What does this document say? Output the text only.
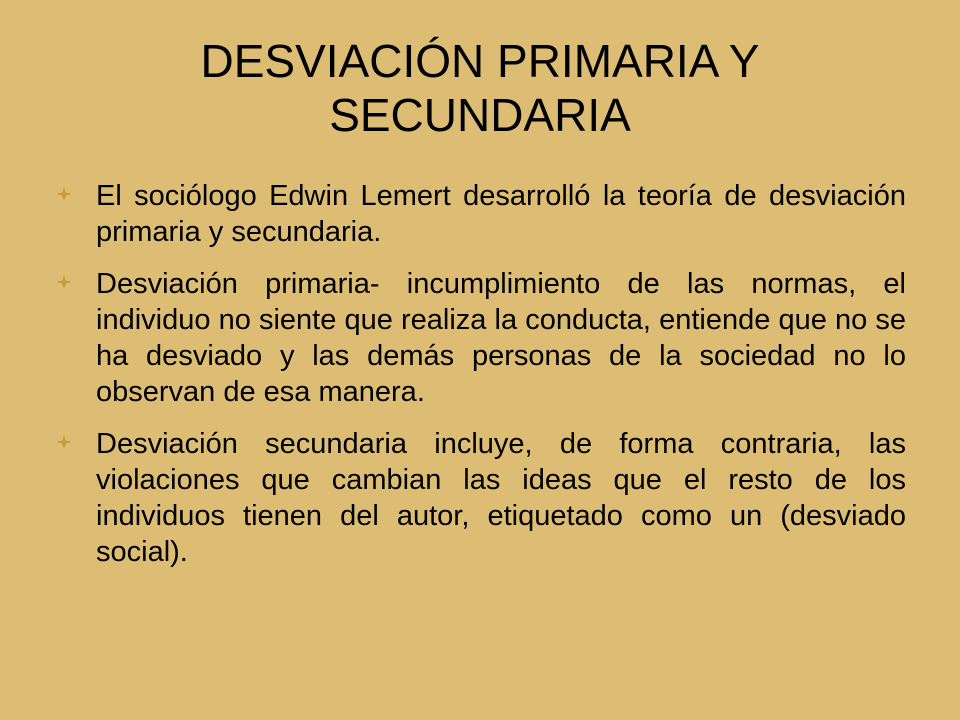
DESVIACIÓN PRIMARIA Y SECUNDARIA
El sociólogo Edwin Lemert desarrolló la teoría de desviación primaria y secundaria.
Desviación primaria- incumplimiento de las normas, el individuo no siente que realiza la conducta, entiende que no se ha desviado y las demás personas de la sociedad no lo observan de esa manera.
Desviación secundaria incluye, de forma contraria, las violaciones que cambian las ideas que el resto de los individuos tienen del autor, etiquetado como un (desviado social).
